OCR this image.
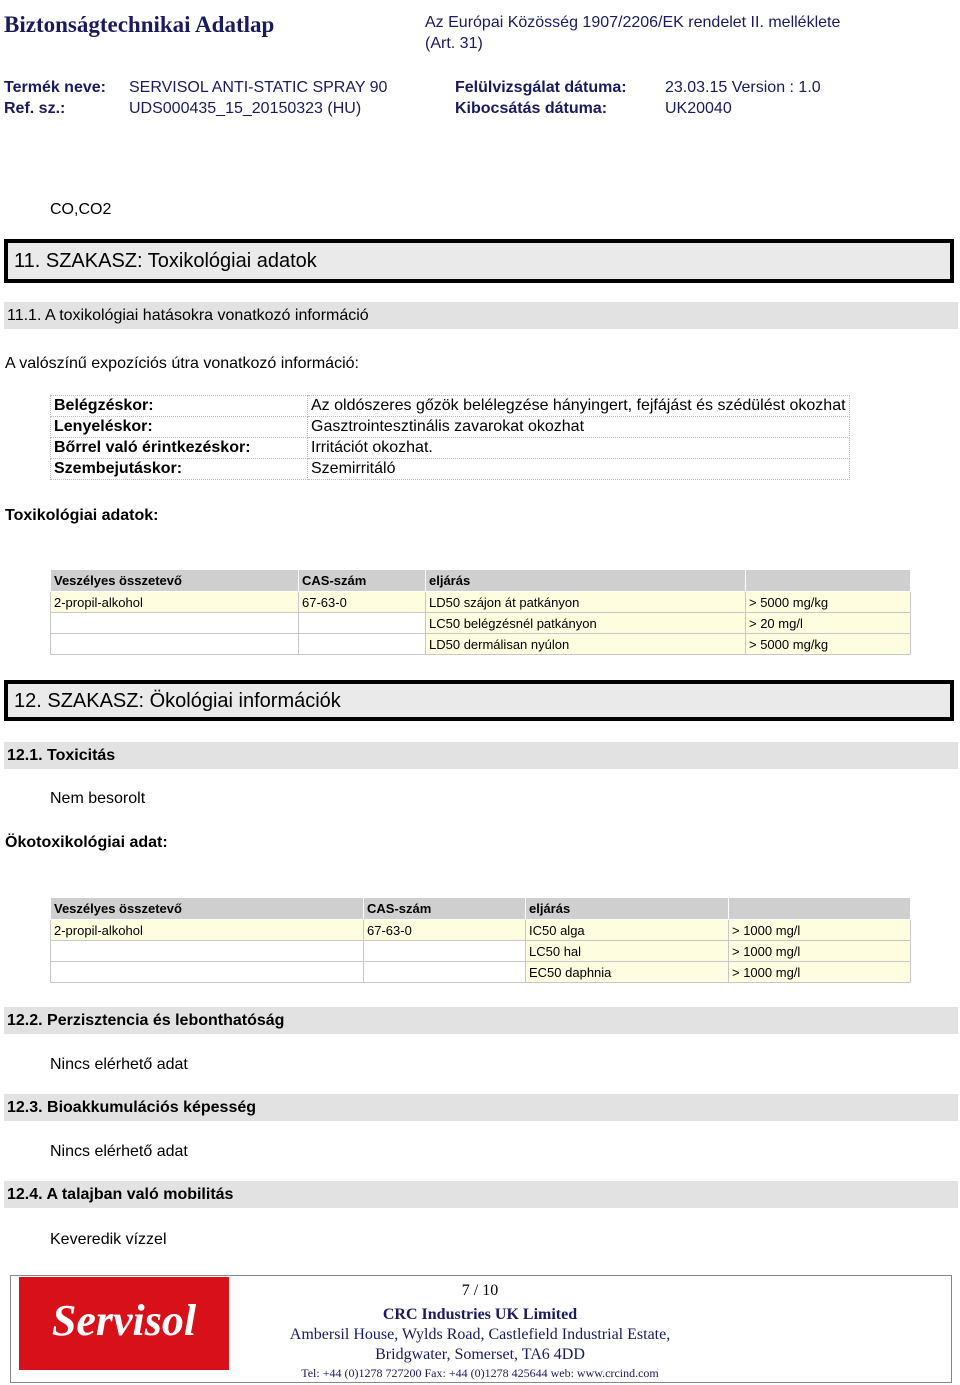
Biztonságtechnikai Adatlap	Az Európai Közösség 1907/2206/EK rendelet II. melléklete (Art. 31)
Termék neve: SERVISOL ANTI-STATIC SPRAY 90	Felülvizsgálat dátuma: 23.03.15 Version : 1.0
Ref. sz.:	UDS000435_15_20150323 (HU)	Kibocsátás dátuma:	UK20040
CO,CO2
11. SZAKASZ: Toxikológiai adatok
11.1. A toxikológiai hatásokra vonatkozó információ
A valószínű expozíciós útra vonatkozó információ:
Belégzéskor:	Az oldószeres gőzök belélegzése hányingert, fejfájást és szédülést okozhat
Lenyeléskor:	Gasztrointesztinális zavarokat okozhat
Bőrrel való érintkezéskor:	Irritációt okozhat.
Szembejutáskor:	Szemirritáló
Toxikológiai adatok:
Veszélyes összetevő	CAS-szám	eljárás	
2-propil-alkohol	67-63-0	LD50 szájon át patkányon	> 5000 mg/kg
		LC50 belégzésnél patkányon	> 20 mg/l
		LD50 dermálisan nyúlon	> 5000 mg/kg
12. SZAKASZ: Ökológiai információk
12.1. Toxicitás
Nem besorolt
Ökotoxikológiai adat:
Veszélyes összetevő	CAS-szám	eljárás	
2-propil-alkohol	67-63-0	IC50 alga	> 1000 mg/l
		LC50 hal	> 1000 mg/l
		EC50 daphnia	> 1000 mg/l
12.2. Perzisztencia és lebonthatóság
Nincs elérhető adat
12.3. Bioakkumulációs képesség
Nincs elérhető adat
12.4. A talajban való mobilitás
Keveredik vízzel
Servisol
7 / 10
CRC Industries UK Limited
Ambersil House, Wylds Road, Castlefield Industrial Estate,
Bridgwater, Somerset, TA6 4DD
Tel: +44 (0)1278 727200 Fax: +44 (0)1278 425644 web: www.crcind.com
